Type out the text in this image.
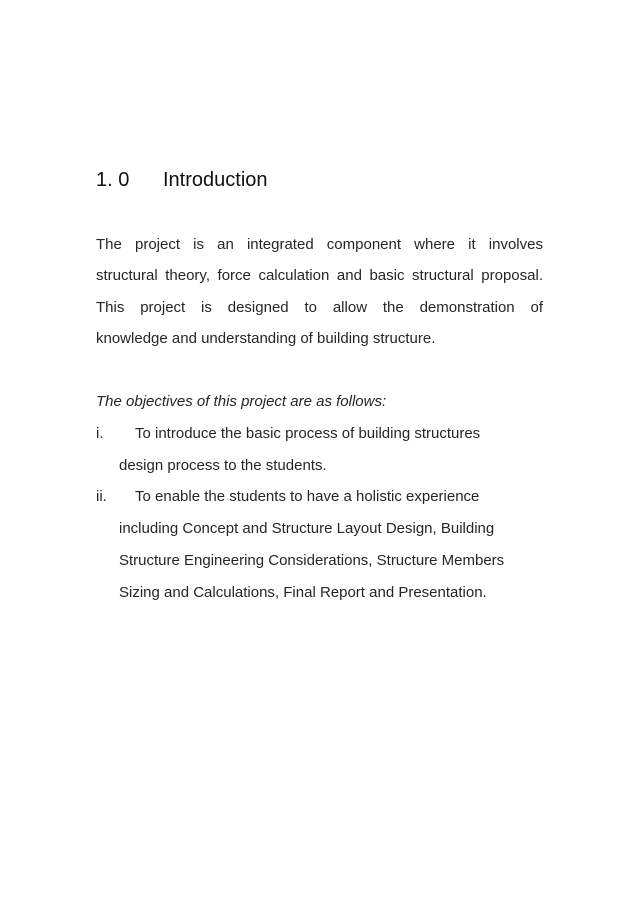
1. 0 Introduction
The project is an integrated component where it involves
structural theory, force calculation and basic structural proposal.
This project is designed to allow the demonstration of
knowledge and understanding of building structure.
The objectives of this project are as follows:
i. To introduce the basic process of building structures
design process to the students.
ii. To enable the students to have a holistic experience
including Concept and Structure Layout Design, Building
Structure Engineering Considerations, Structure Members
Sizing and Calculations, Final Report and Presentation.
